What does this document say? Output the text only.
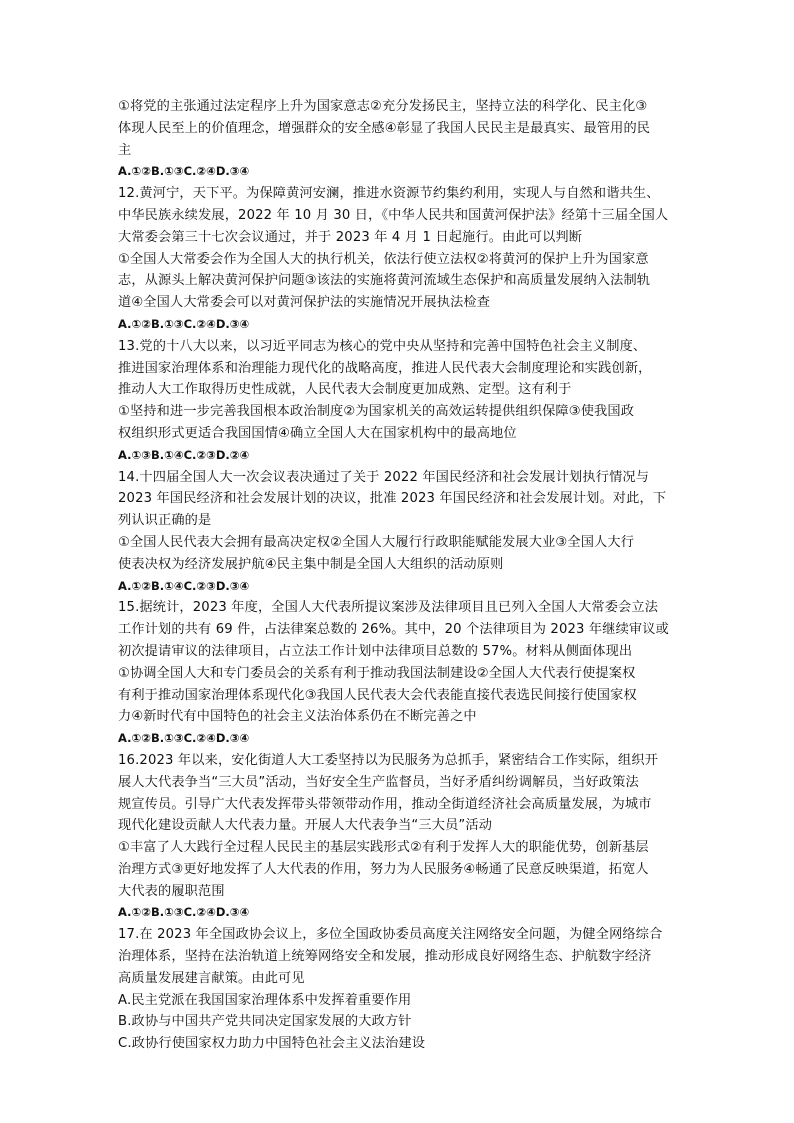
①将党的主张通过法定程序上升为国家意志②充分发扬民主，坚持立法的科学化、民主化③
体现人民至上的价值理念，增强群众的安全感④彰显了我国人民民主是最真实、最管用的民
主
A.①②B.①③C.②④D.③④
12.黄河宁，天下平。为保障黄河安澜，推进水资源节约集约利用，实现人与自然和谐共生、
中华民族永续发展，2022 年 10 月 30 日，《中华人民共和国黄河保护法》经第十三届全国人
大常委会第三十七次会议通过，并于 2023 年 4 月 1 日起施行。由此可以判断
①全国人大常委会作为全国人大的执行机关，依法行使立法权②将黄河的保护上升为国家意
志，从源头上解决黄河保护问题③该法的实施将黄河流域生态保护和高质量发展纳入法制轨
道④全国人大常委会可以对黄河保护法的实施情况开展执法检查
A.①②B.①③C.②④D.③④
13.党的十八大以来，以习近平同志为核心的党中央从坚持和完善中国特色社会主义制度、
推进国家治理体系和治理能力现代化的战略高度，推进人民代表大会制度理论和实践创新，
推动人大工作取得历史性成就，人民代表大会制度更加成熟、定型。这有利于
①坚持和进一步完善我国根本政治制度②为国家机关的高效运转提供组织保障③使我国政
权组织形式更适合我国国情④确立全国人大在国家机构中的最高地位
A.①③B.①④C.②③D.②④
14.十四届全国人大一次会议表决通过了关于 2022 年国民经济和社会发展计划执行情况与
2023 年国民经济和社会发展计划的决议，批准 2023 年国民经济和社会发展计划。对此，下
列认识正确的是
①全国人民代表大会拥有最高决定权②全国人大履行行政职能赋能发展大业③全国人大行
使表决权为经济发展护航④民主集中制是全国人大组织的活动原则
A.①②B.①④C.②③D.③④
15.据统计，2023 年度，全国人大代表所提议案涉及法律项目且已列入全国人大常委会立法
工作计划的共有 69 件，占法律案总数的 26%。其中，20 个法律项目为 2023 年继续审议或
初次提请审议的法律项目，占立法工作计划中法律项目总数的 57%。材料从侧面体现出
①协调全国人大和专门委员会的关系有利于推动我国法制建设②全国人大代表行使提案权
有利于推动国家治理体系现代化③我国人民代表大会代表能直接代表选民间接行使国家权
力④新时代有中国特色的社会主义法治体系仍在不断完善之中
A.①②B.①③C.②④D.③④
16.2023 年以来，安化街道人大工委坚持以为民服务为总抓手，紧密结合工作实际，组织开
展人大代表争当“三大员”活动，当好安全生产监督员，当好矛盾纠纷调解员，当好政策法
规宣传员。引导广大代表发挥带头带领带动作用，推动全街道经济社会高质量发展，为城市
现代化建设贡献人大代表力量。开展人大代表争当“三大员”活动
①丰富了人大践行全过程人民民主的基层实践形式②有利于发挥人大的职能优势，创新基层
治理方式③更好地发挥了人大代表的作用，努力为人民服务④畅通了民意反映渠道，拓宽人
大代表的履职范围
A.①②B.①③C.②④D.③④
17.在 2023 年全国政协会议上，多位全国政协委员高度关注网络安全问题，为健全网络综合
治理体系，坚持在法治轨道上统筹网络安全和发展，推动形成良好网络生态、护航数字经济
高质量发展建言献策。由此可见
A.民主党派在我国国家治理体系中发挥着重要作用
B.政协与中国共产党共同决定国家发展的大政方针
C.政协行使国家权力助力中国特色社会主义法治建设
